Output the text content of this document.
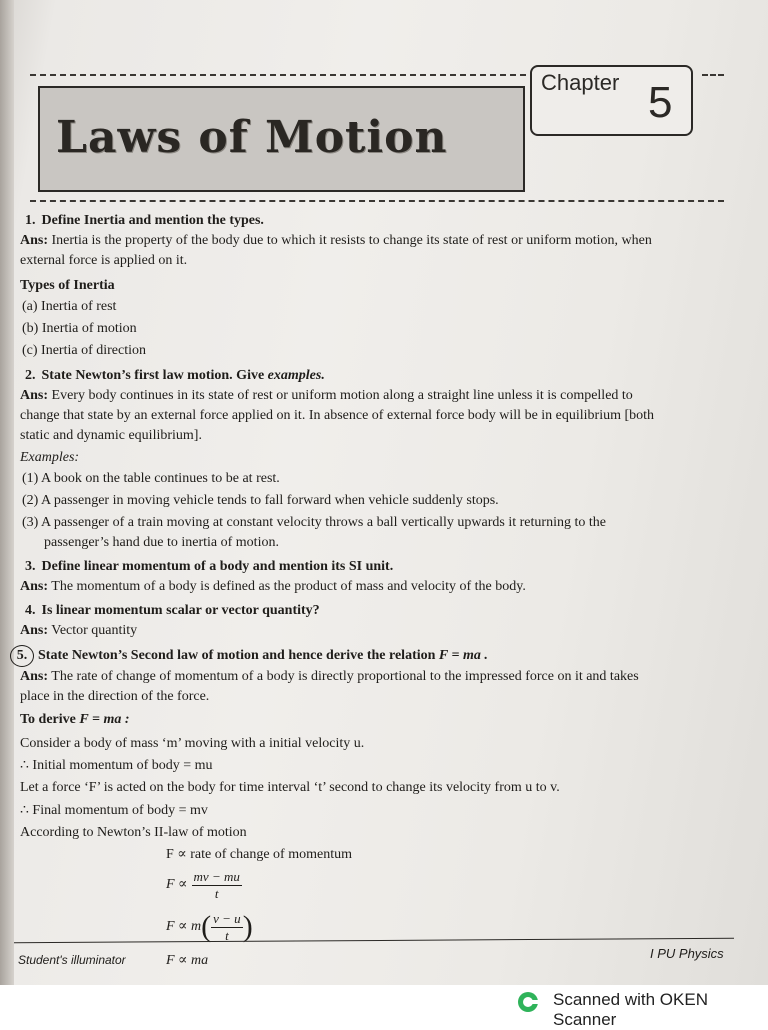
Laws of Motion
Chapter 5

1. Define Inertia and mention the types.

Ans: Inertia is the property of the body due to which it resists to change its state of rest or uniform motion, when

external force is applied on it.

Types of Inertia

(a) Inertia of rest

(b) Inertia of motion

(c) Inertia of direction

2. State Newton’s first law motion. Give examples.

Ans: Every body continues in its state of rest or uniform motion along a straight line unless it is compelled to

change that state by an external force applied on it. In absence of external force body will be in equilibrium [both

static and dynamic equilibrium].

Examples:

(1) A book on the table continues to be at rest.

(2) A passenger in moving vehicle tends to fall forward when vehicle suddenly stops.

(3) A passenger of a train moving at constant velocity throws a ball vertically upwards it returning to the

passenger’s hand due to inertia of motion.

3. Define linear momentum of a body and mention its SI unit.

Ans: The momentum of a body is defined as the product of mass and velocity of the body.

4. Is linear momentum scalar or vector quantity?

Ans: Vector quantity

5. State Newton’s Second law of motion and hence derive the relation F = ma .

Ans: The rate of change of momentum of a body is directly proportional to the impressed force on it and takes

place in the direction of the force.

To derive F = ma :

Consider a body of mass ‘m’ moving with a initial velocity u.

∴ Initial momentum of body = mu

Let a force ‘F’ is acted on the body for time interval ‘t’ second to change its velocity from u to v.

∴ Final momentum of body = mv

According to Newton’s II-law of motion

F ∝ rate of change of momentum

$F \propto \frac{mv - mu}{t}$
F ∝ m ( $\frac{v - u}{t}$ )

F ∝ ma

Student's illuminator	I PU Physics
Scanned with OKEN Scanner
